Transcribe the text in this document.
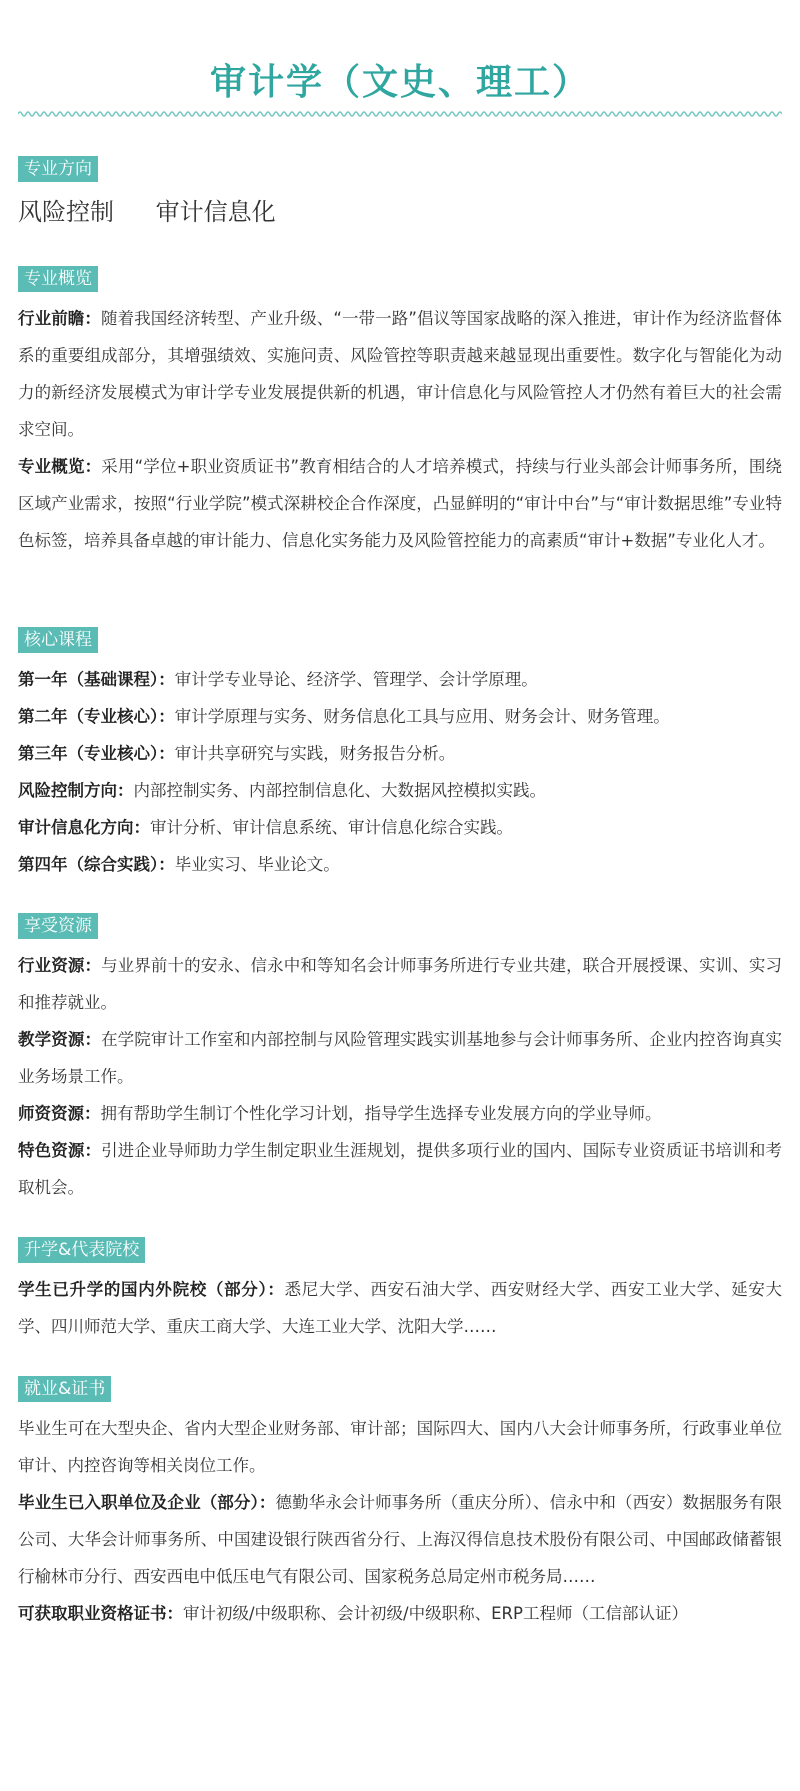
审计学（文史、理工）
专业方向
风险控制 审计信息化
专业概览

行业前瞻：随着我国经济转型、产业升级、“一带一路”倡议等国家战略的深入推进，审计作为经济监督体系的重要组成部分，其增强绩效、实施问责、风险管控等职责越来越显现出重要性。数字化与智能化为动力的新经济发展模式为审计学专业发展提供新的机遇，审计信息化与风险管控人才仍然有着巨大的社会需求空间。

专业概览：采用“学位+职业资质证书”教育相结合的人才培养模式，持续与行业头部会计师事务所，围绕区域产业需求，按照“行业学院”模式深耕校企合作深度，凸显鲜明的“审计中台”与“审计数据思维”专业特色标签，培养具备卓越的审计能力、信息化实务能力及风险管控能力的高素质“审计+数据”专业化人才。

核心课程

第一年（基础课程）：审计学专业导论、经济学、管理学、会计学原理。

第二年（专业核心）：审计学原理与实务、财务信息化工具与应用、财务会计、财务管理。

第三年（专业核心）：审计共享研究与实践，财务报告分析。

风险控制方向：内部控制实务、内部控制信息化、大数据风控模拟实践。

审计信息化方向：审计分析、审计信息系统、审计信息化综合实践。

第四年（综合实践）：毕业实习、毕业论文。

享受资源

行业资源：与业界前十的安永、信永中和等知名会计师事务所进行专业共建，联合开展授课、实训、实习和推荐就业。

教学资源：在学院审计工作室和内部控制与风险管理实践实训基地参与会计师事务所、企业内控咨询真实业务场景工作。

师资资源：拥有帮助学生制订个性化学习计划，指导学生选择专业发展方向的学业导师。

特色资源：引进企业导师助力学生制定职业生涯规划，提供多项行业的国内、国际专业资质证书培训和考取机会。

升学&代表院校

学生已升学的国内外院校（部分）：悉尼大学、西安石油大学、西安财经大学、西安工业大学、延安大学、四川师范大学、重庆工商大学、大连工业大学、沈阳大学……

就业&证书

毕业生可在大型央企、省内大型企业财务部、审计部；国际四大、国内八大会计师事务所，行政事业单位审计、内控咨询等相关岗位工作。

毕业生已入职单位及企业（部分）：德勤华永会计师事务所（重庆分所）、信永中和（西安）数据服务有限公司、大华会计师事务所、中国建设银行陕西省分行、上海汉得信息技术股份有限公司、中国邮政储蓄银行榆林市分行、西安西电中低压电气有限公司、国家税务总局定州市税务局……

可获取职业资格证书：审计初级/中级职称、会计初级/中级职称、ERP工程师（工信部认证）
